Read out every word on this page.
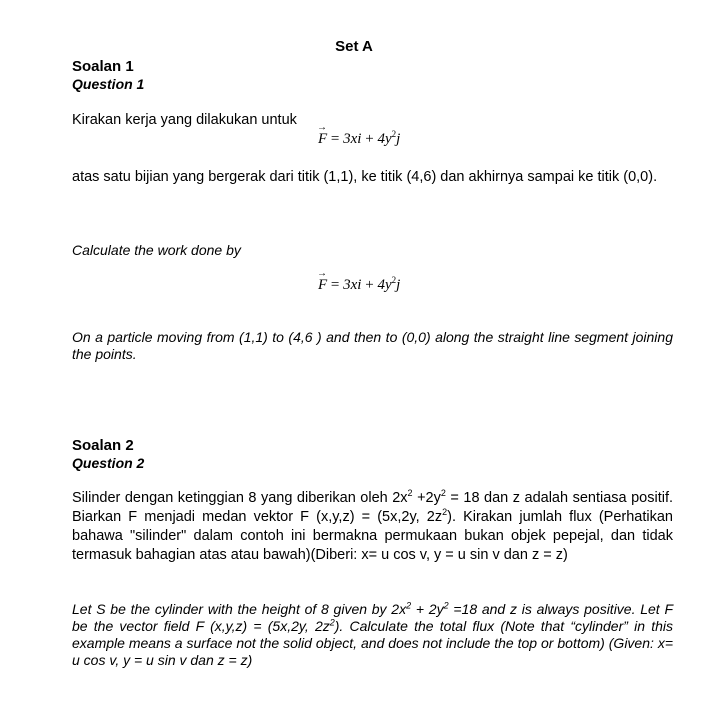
Set A
Soalan 1
Question 1
Kirakan kerja yang dilakukan untuk
→ $F = 3xi + 4y^2j$
atas satu bijian yang bergerak dari titik (1,1), ke titik (4,6) dan akhirnya sampai ke titik (0,0).
Calculate the work done by
→ $F = 3xi + 4y^2j$
On a particle moving from (1,1) to (4,6 ) and then to (0,0) along the straight line segment joining the points.
Soalan 2
Question 2
Silinder dengan ketinggian 8 yang diberikan oleh $2x^2 +2y^2 = 18$ dan z adalah sentiasa positif. Biarkan F menjadi medan vektor F (x,y,z) = (5x,2y, $2z^2$). Kirakan jumlah flux (Perhatikan bahawa "silinder" dalam contoh ini bermakna permukaan bukan objek pepejal, dan tidak termasuk bahagian atas atau bawah)(Diberi: x= u cos v, y = u sin v dan z = z)
Let S be the cylinder with the height of 8 given by $2x^2 + 2y^2 =18$ and z is always positive. Let F be the vector field F (x,y,z) = (5x,2y, $2z^2$). Calculate the total flux (Note that “cylinder” in this example means a surface not the solid object, and does not include the top or bottom) (Given: x= u cos v, y = u sin v dan z = z)
